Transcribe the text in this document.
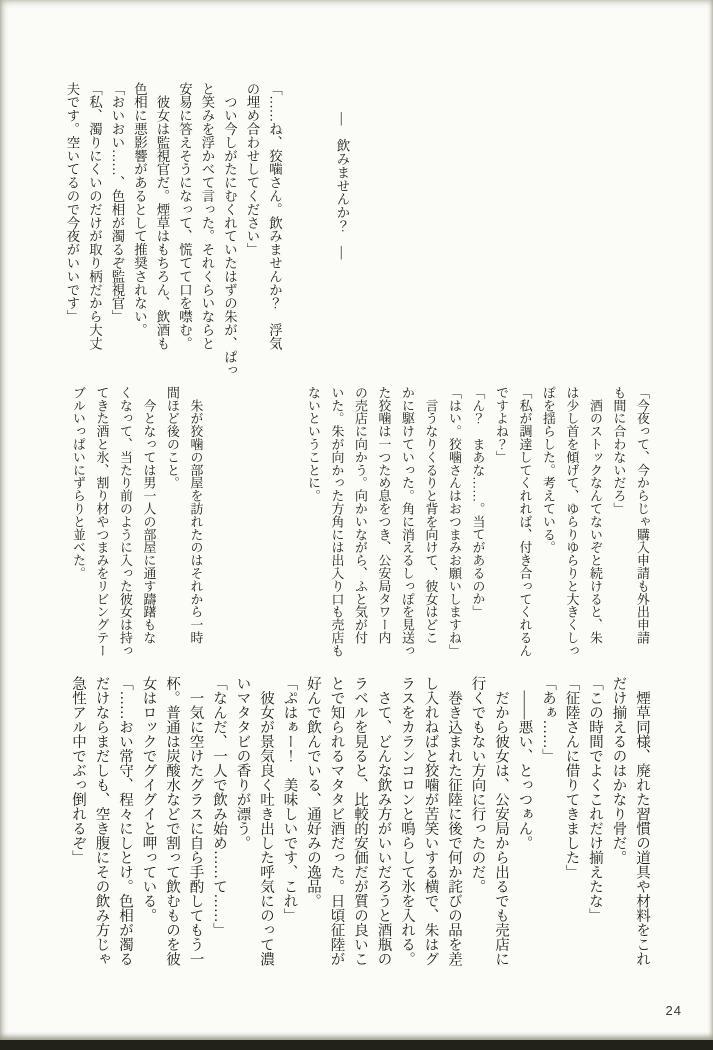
―　飲みませんか？　―
「……ね、狡噛さん。飲みませんか？　浮気
の埋め合わせしてください」
　つい今しがたにむくれていたはずの朱が、ぱっ
と笑みを浮かべて言った。それくらいならと
安易に答えそうになって、慌てて口を噤む。
　彼女は監視官だ。煙草はもちろん、飲酒も
色相に悪影響があるとして推奨されない。
「おいおい……、色相が濁るぞ監視官」
「私、濁りにくいのだけが取り柄だから大丈
夫です。空いてるので今夜がいいです」
「今夜って、今からじゃ購入申請も外出申請
も間に合わないだろ」
　酒のストックなんてないぞと続けると、朱
は少し首を傾げて、ゆらりゆらりと大きくしっ
ぽを揺らした。考えている。
「私が調達してくれれば、付き合ってくれるん
ですよね？」
「ん？　まあな……。当てがあるのか」
「はい。狡噛さんはおつまみお願いしますね」
　言うなりくるりと背を向けて、彼女はどこ
かに駆けていった。角に消えるしっぽを見送っ
た狡噛は一つため息をつき、公安局タワー内
の売店に向かう。向かいながら、ふと気が付
いた。朱が向かった方角には出入り口も売店も
ないということに。
　朱が狡噛の部屋を訪れたのはそれから一時
間ほど後のこと。
　今となっては男一人の部屋に通す躊躇もな
くなって、当たり前のように入った彼女は持っ
てきた酒と氷、割り材やつまみをリビングテー
ブルいっぱいにずらりと並べた。
　煙草同様、廃れた習慣の道具や材料をこれ
だけ揃えるのはかなり骨だ。
「この時間でよくこれだけ揃えたな」
「征陸さんに借りてきました」
「あぁ……」
　――悪い、とっつぁん。
　だから彼女は、公安局から出るでも売店に
行くでもない方向に行ったのだ。
　巻き込まれた征陸に後で何か詫びの品を差
し入れねばと狡噛が苦笑いする横で、朱はグ
ラスをカランコロンと鳴らして氷を入れる。
　さて、どんな飲み方がいいだろうと酒瓶の
ラベルを見ると、比較的安価だが質の良いこ
とで知られるマタタビ酒だった。日頃征陸が
好んで飲んでいる、通好みの逸品。
「ぷはぁー！　美味しいです、これ」
　彼女が景気良く吐き出した呼気にのって濃
いマタタビの香りが漂う。
「なんだ、一人で飲み始め……て……」
　一気に空けたグラスに自ら手酌してもう一
杯。普通は炭酸水などで割って飲むものを彼
女はロックでグイグイと呷っている。
「……おい常守、程々にしとけ。色相が濁る
だけならまだしも、空き腹にその飲み方じゃ
急性アル中でぶっ倒れるぞ」
24
